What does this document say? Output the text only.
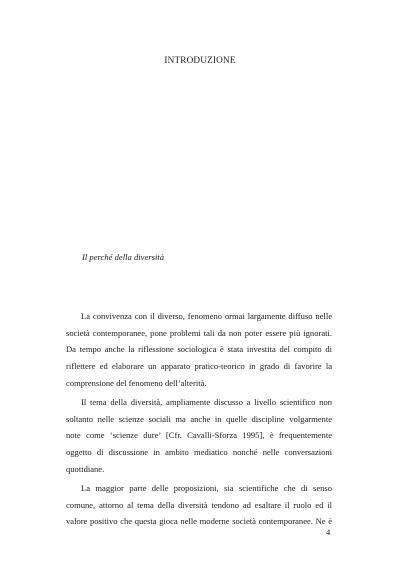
INTRODUZIONE
Il perché della diversità
La convivenza con il diverso, fenomeno ormai largamente diffuso nelle
società contemporanee, pone problemi tali da non poter essere più ignorati.
Da tempo anche la riflessione sociologica è stata investita del compito di
riflettere ed elaborare un apparato pratico-teorico in grado di favorire la
comprensione del fenomeno dell’alterità.
Il tema della diversità, ampliamente discusso a livello scientifico non
soltanto nelle scienze sociali ma anche in quelle discipline volgarmente
note come ‘scienze dure’ [Cfr. Cavalli-Sforza 1995], è frequentemente
oggetto di discussione in ambito mediatico nonché nelle conversazioni
quotidiane.
La maggior parte delle proposizioni, sia scientifiche che di senso
comune, attorno al tema della diversità tendono ad esaltare il ruolo ed il
valore positivo che questa gioca nelle moderne società contemporanee. Ne è
4
